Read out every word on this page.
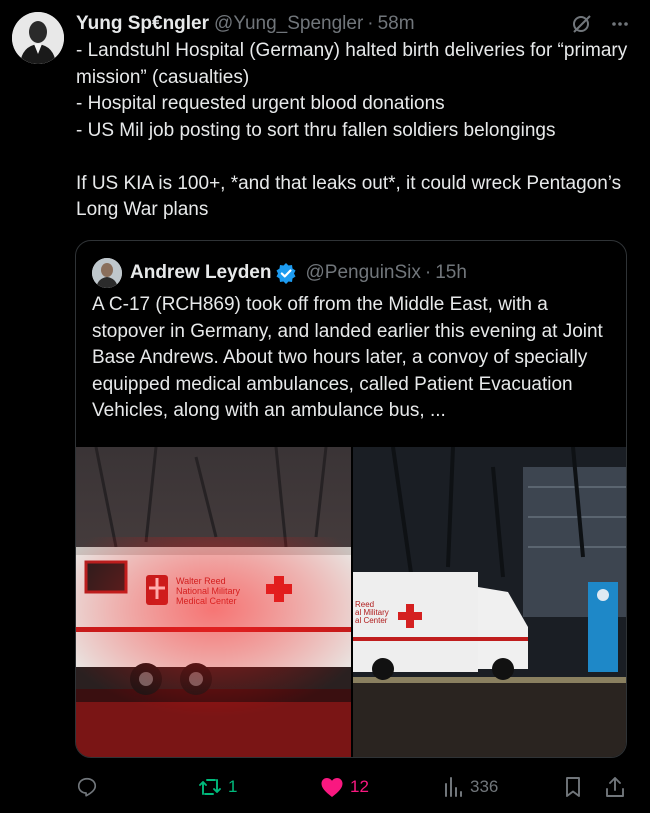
Yung Sp€ngler @Yung_Spengler · 58m

- Landstuhl Hospital (Germany) halted birth deliveries for “primary mission” (casualties)
- Hospital requested urgent blood donations
- US Mil job posting to sort thru fallen soldiers belongings

If US KIA is 100+, *and that leaks out*, it could wreck Pentagon’s Long War plans

Andrew Leyden @PenguinSix · 15h

A C-17 (RCH869) took off from the Middle East, with a stopover in Germany, and landed earlier this evening at Joint Base Andrews. About two hours later, a convoy of specially equipped medical ambulances, called Patient Evacuation Vehicles, along with an ambulance bus, ...

Reed
al Military
al Center
1	12	336
